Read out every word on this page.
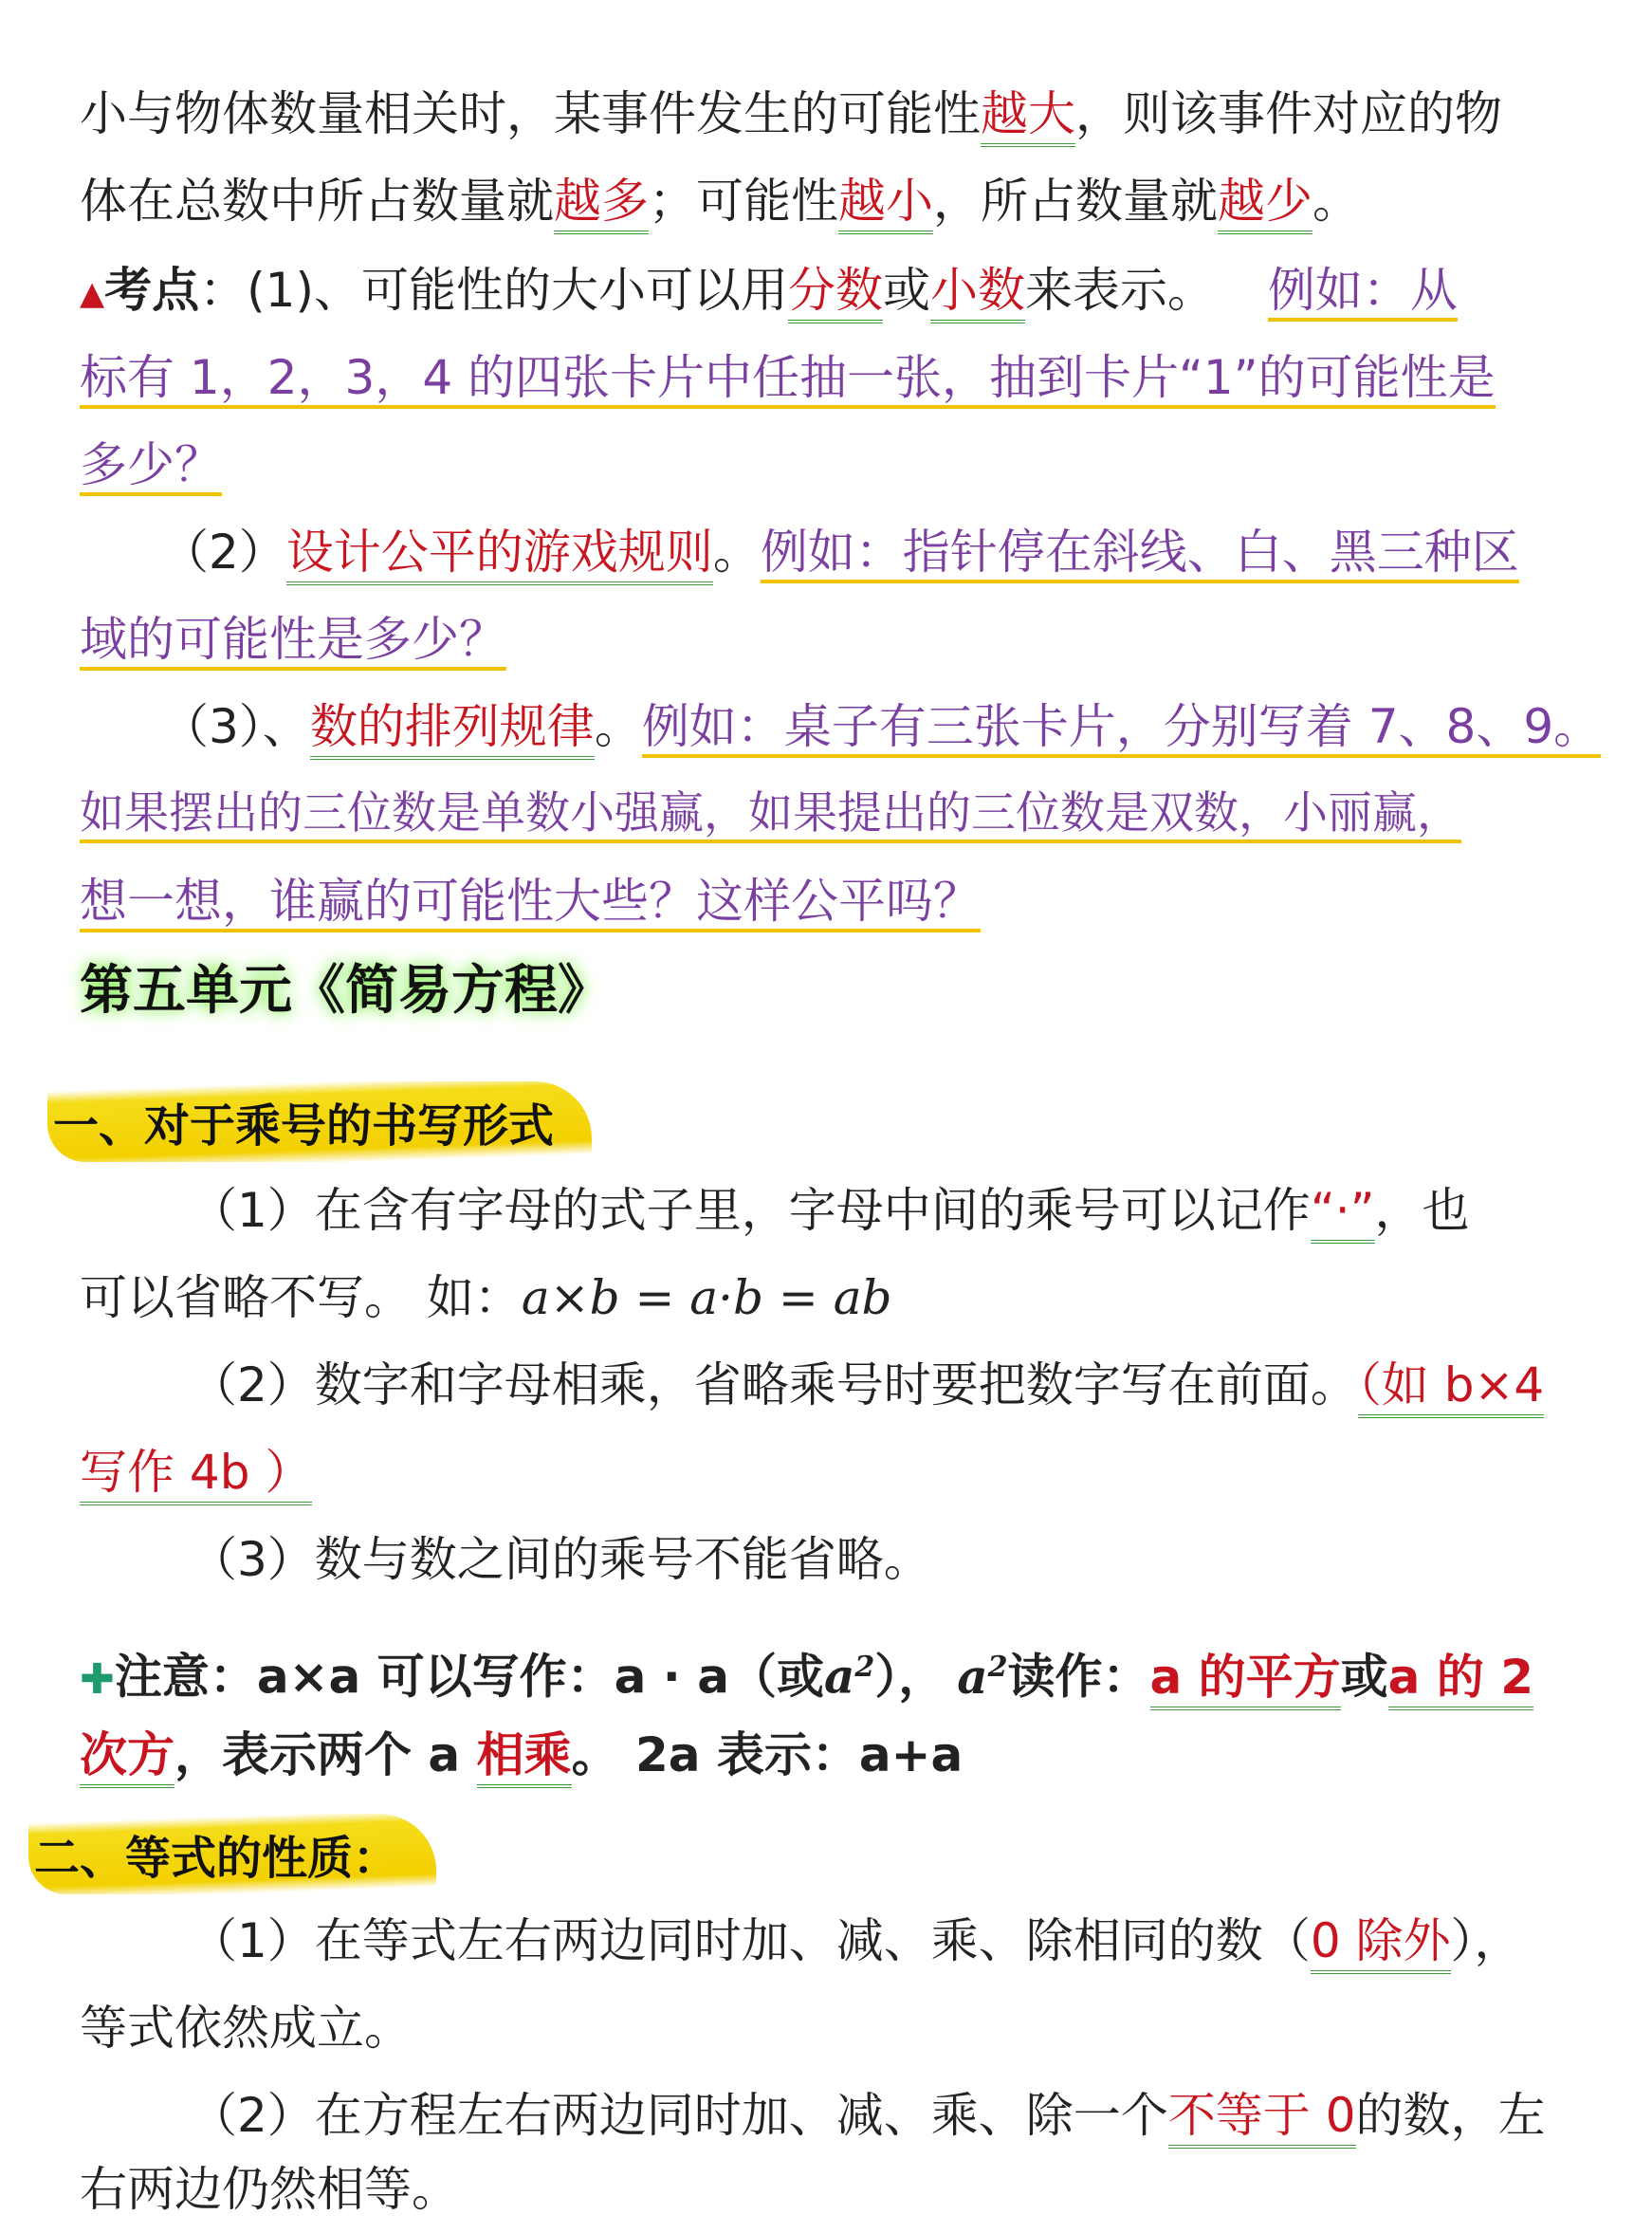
小与物体数量相关时，某事件发生的可能性越大，则该事件对应的物
体在总数中所占数量就越多；可能性越小，所占数量就越少。
▲考点：(1)、可能性的大小可以用分数或小数来表示。 例如：从
标有 1，2，3，4 的四张卡片中任抽一张，抽到卡片“1”的可能性是
多少？
（2）设计公平的游戏规则。例如：指针停在斜线、白、黑三种区
域的可能性是多少？
（3）、数的排列规律。例如：桌子有三张卡片，分别写着 7、8、9。
如果摆出的三位数是单数小强赢，如果提出的三位数是双数，小丽赢，
想一想，谁赢的可能性大些？这样公平吗？
第五单元《简易方程》
一、对于乘号的书写形式
（1）在含有字母的式子里，字母中间的乘号可以记作“·”，也
可以省略不写。 如：a×b = a·b = ab
（2）数字和字母相乘，省略乘号时要把数字写在前面。（如 b×4
写作 4b ）
（3）数与数之间的乘号不能省略。
✚注意：a×a 可以写作：a · a（或$a^2$）， $a^2$读作：a 的平方或a 的 2
次方，表示两个 a 相乘。 2a 表示：a+a
二、等式的性质：
（1）在等式左右两边同时加、减、乘、除相同的数（0 除外），
等式依然成立。
（2）在方程左右两边同时加、减、乘、除一个不等于 0的数，左
右两边仍然相等。
